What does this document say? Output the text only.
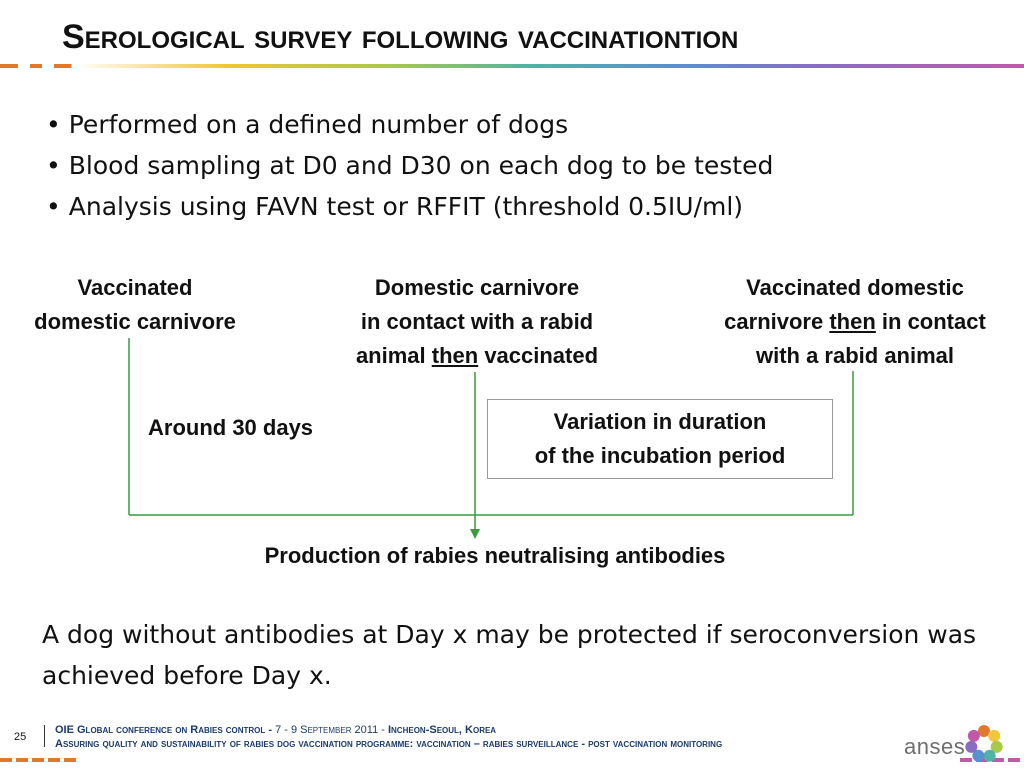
Serological survey following vaccinationtion
• Performed on a defined number of dogs
• Blood sampling at D0 and D30 on each dog to be tested
• Analysis using FAVN test or RFFIT (threshold 0.5IU/ml)
Vaccinated
domestic carnivore
Domestic carnivore
in contact with a rabid
animal then vaccinated
Vaccinated domestic
carnivore then in contact
with a rabid animal
Around 30 days	Variation in duration
of the incubation period
Production of rabies neutralising antibodies

A dog without antibodies at Day x may be protected if seroconversion was achieved before Day x.

25
OIE Global conference on Rabies control - 7 - 9 September 2011 - Incheon-Seoul, Korea
Assuring quality and sustainability of rabies dog vaccination programme: vaccination – rabies surveillance - post vaccination monitoring	anses
